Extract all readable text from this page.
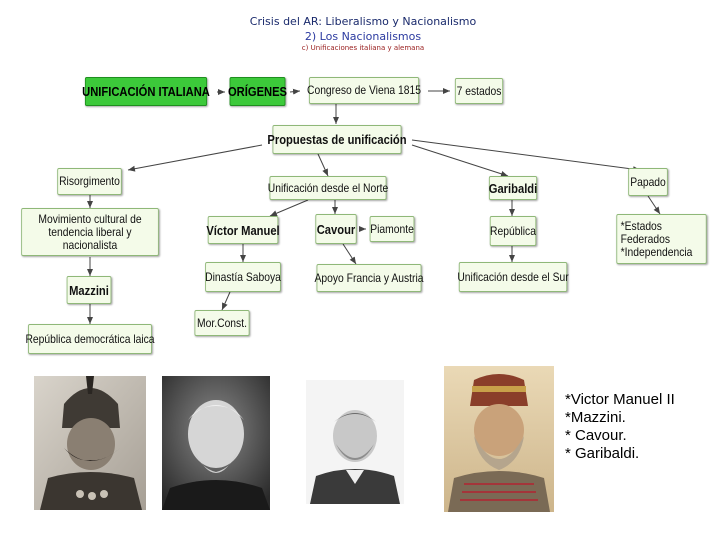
Crisis del AR: Liberalismo y Nacionalismo
2) Los Nacionalismos
c) Unificaciones italiana y alemana
UNIFICACIÓN ITALIANA ORÍGENES Congreso de Viena 1815	7 estados
Propuestas de unificación
Risorgimento	Unificación desde el Norte	Garibaldi	Papado
Movimiento cultural de tendencia liberal y nacionalista
Víctor Manuel	Cavour Piamonte	República	*Estados Federados
*Independencia
Mazzini
Dinastía Saboya	Apoyo Francia y Austria	Unificación desde el Sur
Mor.Const.
República democrática laica
*Victor Manuel II
*Mazzini.
* Cavour.
* Garibaldi.
